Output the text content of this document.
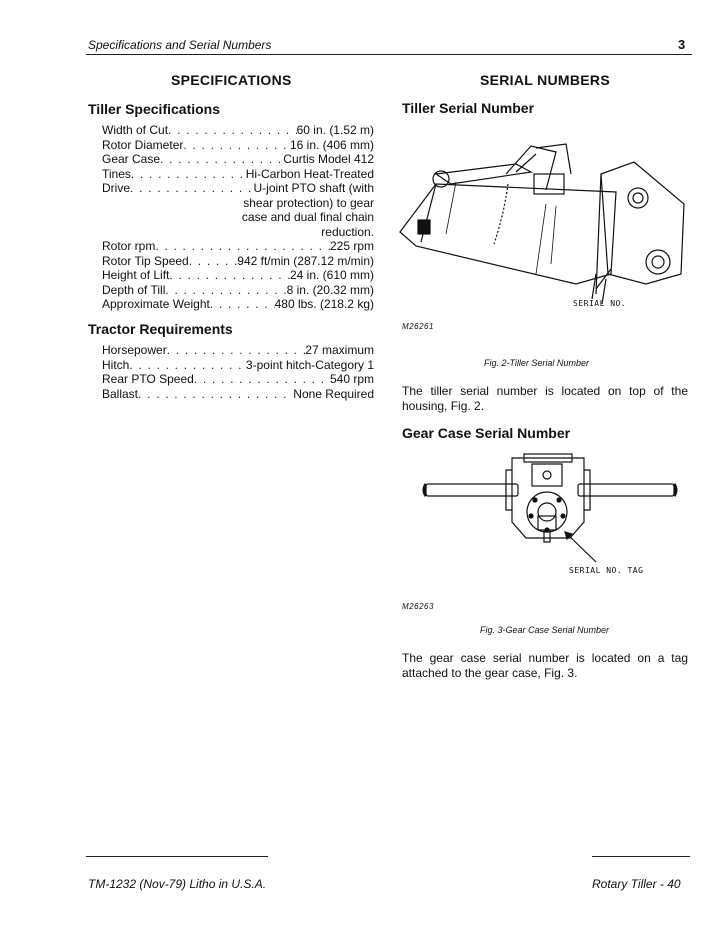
Specifications and Serial Numbers	3
SPECIFICATIONS
Tiller Specifications
Width of Cut . . .	60 in. (1.52 m)
Rotor Diameter . . .	16 in. (406 mm)
Gear Case . . .	Curtis Model 412
Tines . . .	Hi-Carbon Heat-Treated
Drive . . .	U-joint PTO shaft (with
shear protection) to gear
case and dual final chain
reduction.
Rotor rpm . . .	225 rpm
Rotor Tip Speed . . .	942 ft/min (287.12 m/min)
Height of Lift . . .	24 in. (610 mm)
Depth of Till . . .	8 in. (20.32 mm)
Approximate Weight . . .	480 lbs. (218.2 kg)
Tractor Requirements
Horsepower . . .	27 maximum
Hitch . . .	3-point hitch-Category 1
Rear PTO Speed . . .	540 rpm
Ballast . . .	None Required
SERIAL NUMBERS
Tiller Serial Number
SERIAL NO.
M26261
Fig. 2-Tiller Serial Number
The tiller serial number is located on top of the housing, Fig. 2.
Gear Case Serial Number
SERIAL NO. TAG
M26263
Fig. 3-Gear Case Serial Number
The gear case serial number is located on a tag attached to the gear case, Fig. 3.
TM-1232 (Nov-79) Litho in U.S.A.	Rotary Tiller - 40
